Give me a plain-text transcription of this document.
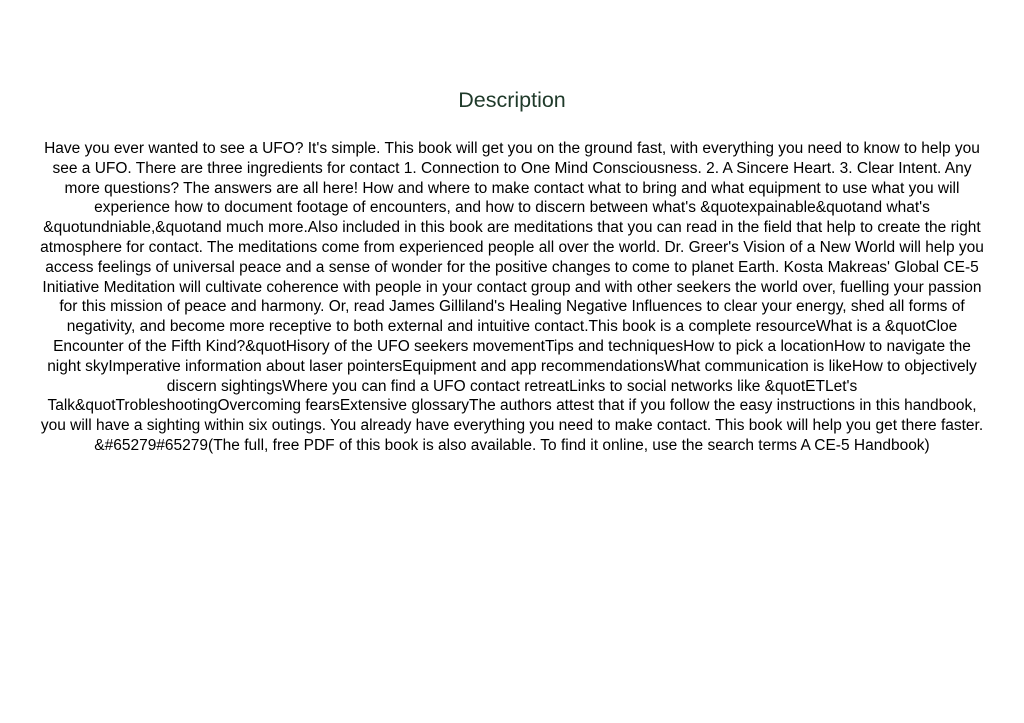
Description

Have you ever wanted to see a UFO? It's simple. This book will get you on the ground fast, with everything you need to know to help you see a UFO. There are three ingredients for contact 1. Connection to One Mind Consciousness. 2. A Sincere Heart. 3. Clear Intent. Any more questions? The answers are all here! How and where to make contact what to bring and what equipment to use what you will experience how to document footage of encounters, and how to discern between what's &quotexpainable&quotand what's &quotundniable,&quotand much more.Also included in this book are meditations that you can read in the field that help to create the right atmosphere for contact. The meditations come from experienced people all over the world. Dr. Greer's Vision of a New World will help you access feelings of universal peace and a sense of wonder for the positive changes to come to planet Earth. Kosta Makreas' Global CE-5 Initiative Meditation will cultivate coherence with people in your contact group and with other seekers the world over, fuelling your passion for this mission of peace and harmony. Or, read James Gilliland's Healing Negative Influences to clear your energy, shed all forms of negativity, and become more receptive to both external and intuitive contact.This book is a complete resourceWhat is a &quotCloe Encounter of the Fifth Kind?&quotHisory of the UFO seekers movementTips and techniquesHow to pick a locationHow to navigate the night skyImperative information about laser pointersEquipment and app recommendationsWhat communication is likeHow to objectively discern sightingsWhere you can find a UFO contact retreatLinks to social networks like &quotETLet's Talk&quotTrobleshootingOvercoming fearsExtensive glossaryThe authors attest that if you follow the easy instructions in this handbook, you will have a sighting within six outings. You already have everything you need to make contact. This book will help you get there faster. &#65279#65279(The full, free PDF of this book is also available. To find it online, use the search terms A CE-5 Handbook)
